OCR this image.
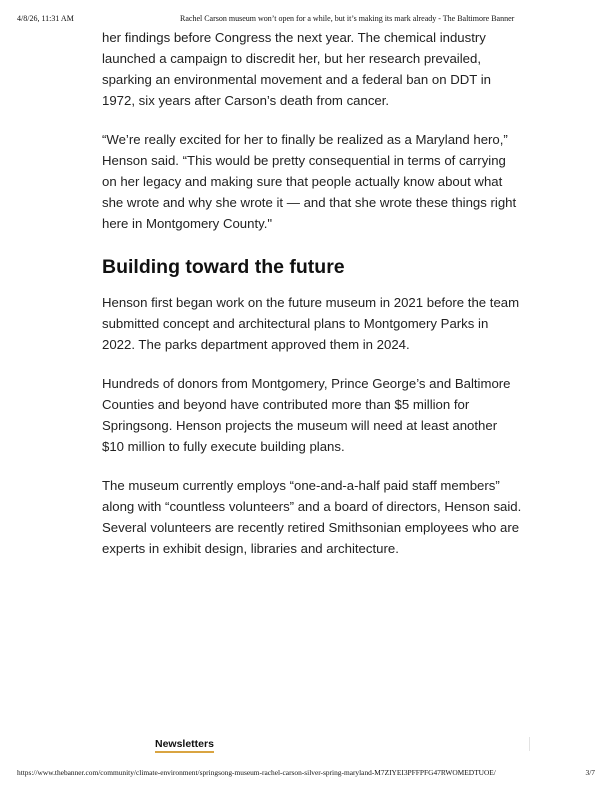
4/8/26, 11:31 AM	Rachel Carson museum won’t open for a while, but it’s making its mark already - The Baltimore Banner

her findings before Congress the next year. The chemical industry launched a campaign to discredit her, but her research prevailed, sparking an environmental movement and a federal ban on DDT in 1972, six years after Carson’s death from cancer.

“We’re really excited for her to finally be realized as a Maryland hero,” Henson said. “This would be pretty consequential in terms of carrying on her legacy and making sure that people actually know about what she wrote and why she wrote it — and that she wrote these things right here in Montgomery County."

Building toward the future

Henson first began work on the future museum in 2021 before the team submitted concept and architectural plans to Montgomery Parks in 2022. The parks department approved them in 2024.

Hundreds of donors from Montgomery, Prince George’s and Baltimore Counties and beyond have contributed more than $5 million for Springsong. Henson projects the museum will need at least another $10 million to fully execute building plans.

The museum currently employs “one-and-a-half paid staff members” along with “countless volunteers” and a board of directors, Henson said. Several volunteers are recently retired Smithsonian employees who are experts in exhibit design, libraries and architecture.

Newsletters
https://www.thebanner.com/community/climate-environment/springsong-museum-rachel-carson-silver-spring-maryland-M7ZIYEI3PFFPFG47RWOMEDTUOE/	3/7
